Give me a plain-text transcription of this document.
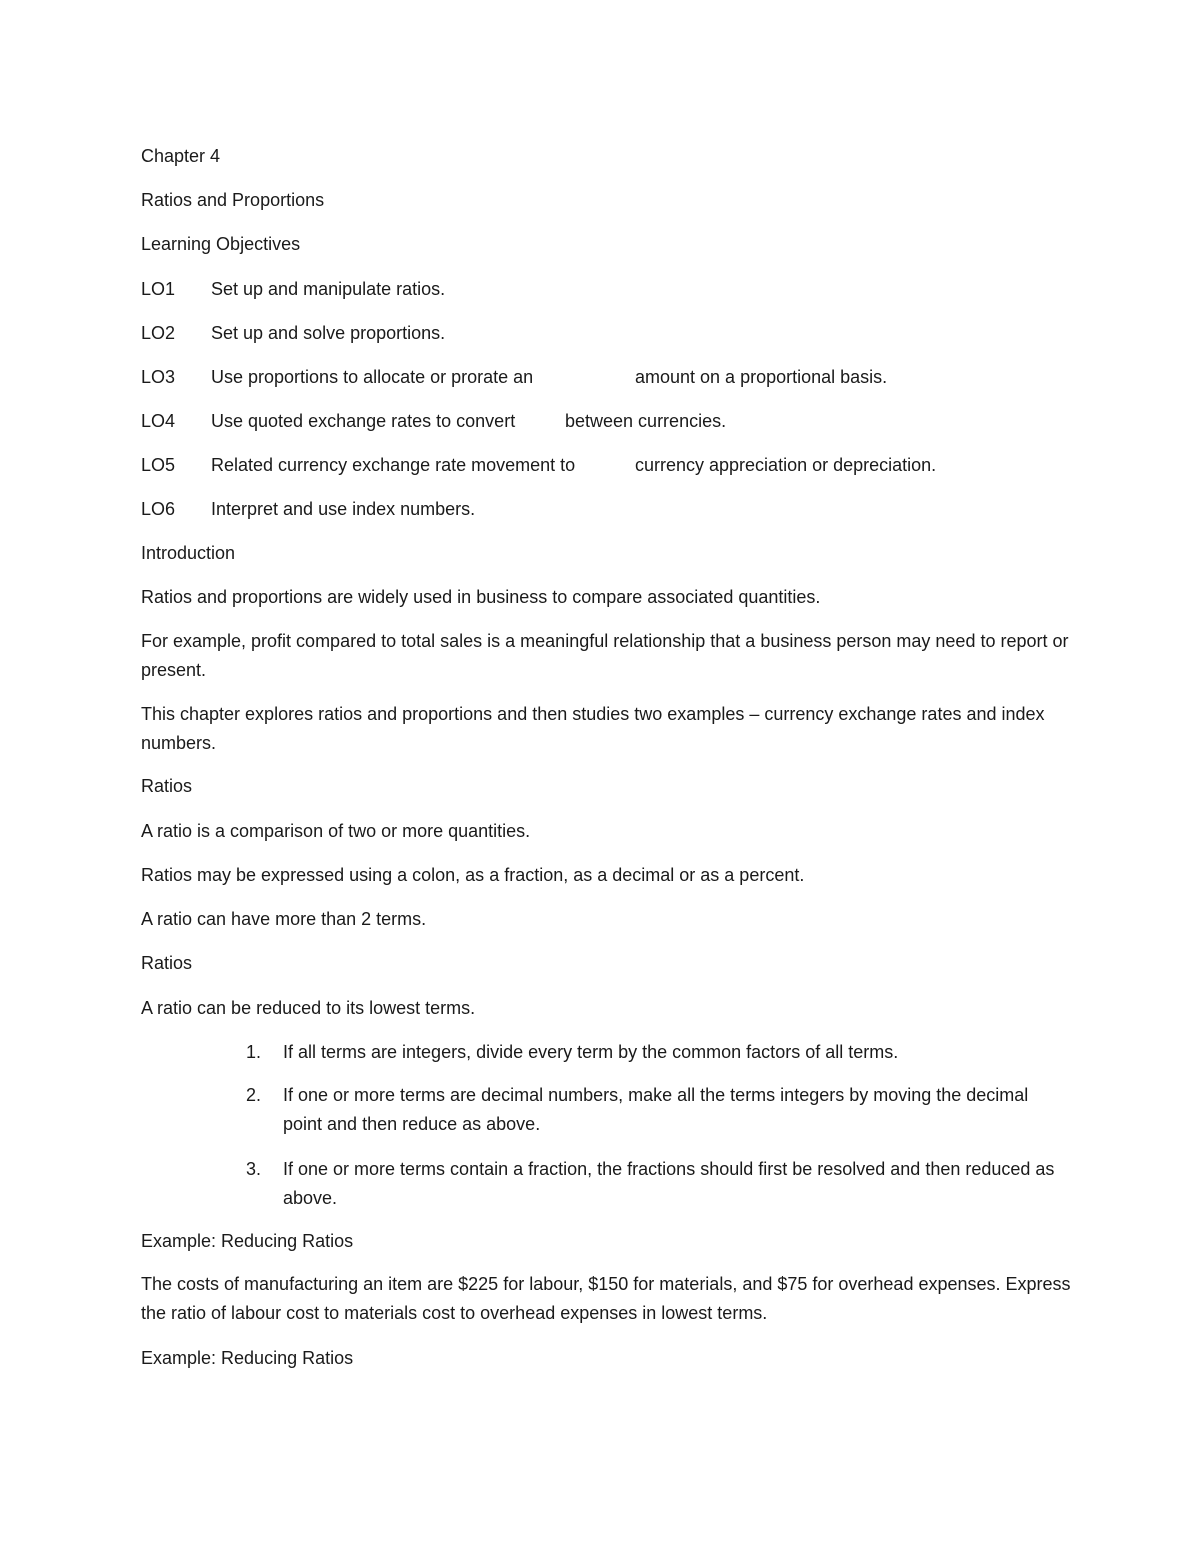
Chapter 4
Ratios and Proportions
Learning Objectives
LO1 Set up and manipulate ratios.
LO2 Set up and solve proportions.
LO3 Use proportions to allocate or prorate an	amount on a proportional basis.
LO4 Use quoted exchange rates to convert	between currencies.
LO5 Related currency exchange rate movement to	currency appreciation or depreciation.
LO6 Interpret and use index numbers.
Introduction
Ratios and proportions are widely used in business to compare associated quantities.
For example, profit compared to total sales is a meaningful relationship that a business person may need to report or present.
This chapter explores ratios and proportions and then studies two examples – currency exchange rates and index numbers.
Ratios
A ratio is a comparison of two or more quantities.
Ratios may be expressed using a colon, as a fraction, as a decimal or as a percent.
A ratio can have more than 2 terms.
Ratios
A ratio can be reduced to its lowest terms.
1. If all terms are integers, divide every term by the common factors of all terms.
2. If one or more terms are decimal numbers, make all the terms integers by moving the decimal point and then reduce as above.
3. If one or more terms contain a fraction, the fractions should first be resolved and then reduced as above.
Example: Reducing Ratios
The costs of manufacturing an item are $225 for labour, $150 for materials, and $75 for overhead expenses. Express the ratio of labour cost to materials cost to overhead expenses in lowest terms.
Example: Reducing Ratios
